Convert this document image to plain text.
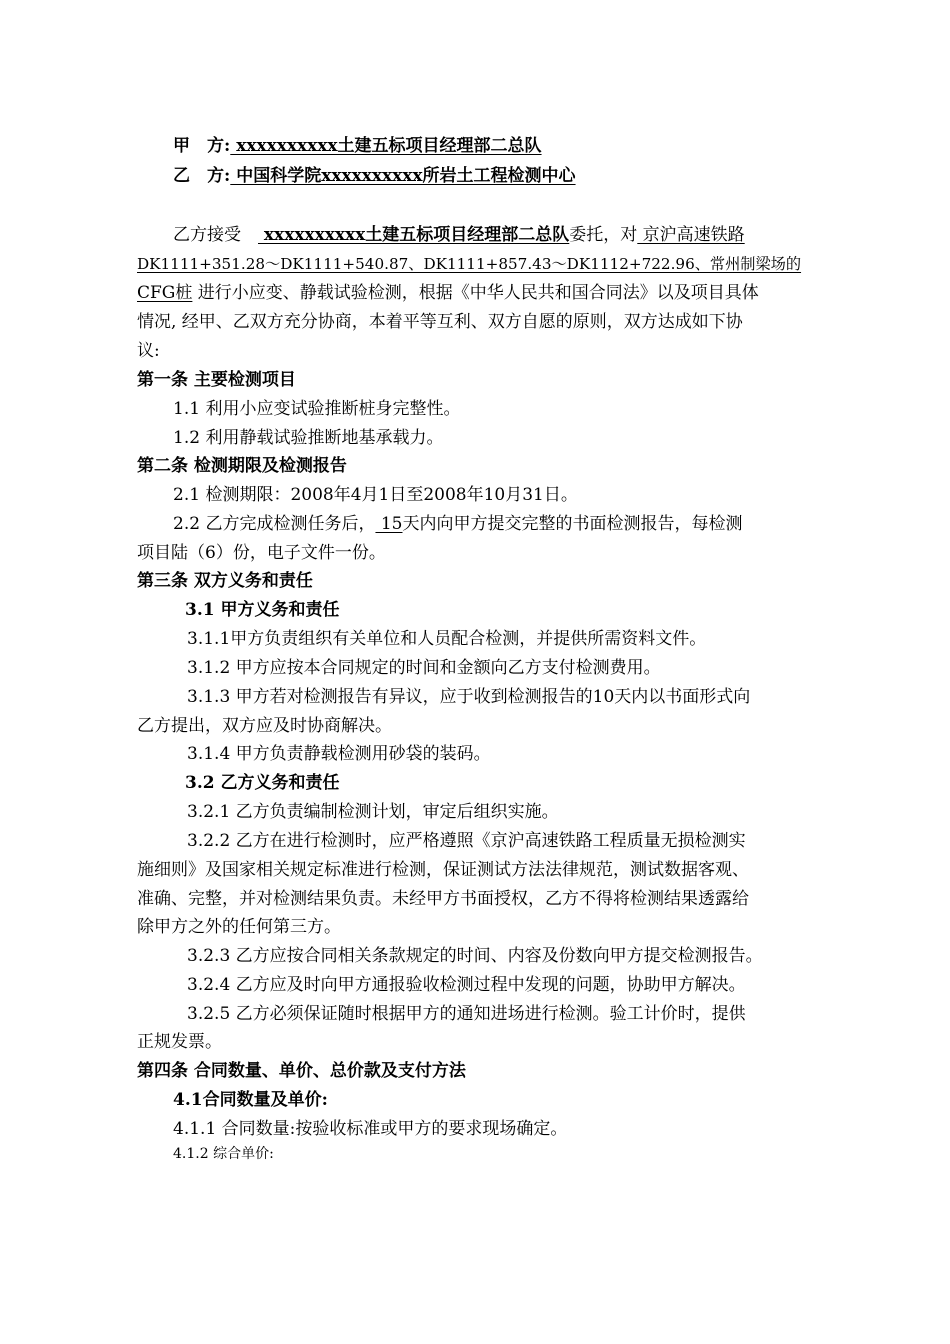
甲　方: xxxxxxxxxx土建五标项目经理部二总队
乙　方: 中国科学院xxxxxxxxxx所岩土工程检测中心
乙方接受　 xxxxxxxxxx土建五标项目经理部二总队委托，对 京沪高速铁路
DK1111+351.28～DK1111+540.87、DK1111+857.43～DK1112+722.96、常州制梁场的
CFG桩 进行小应变、静载试验检测，根据《中华人民共和国合同法》以及项目具体
情况, 经甲、乙双方充分协商，本着平等互利、双方自愿的原则，双方达成如下协
议:
第一条 主要检测项目
1.1 利用小应变试验推断桩身完整性。
1.2 利用静载试验推断地基承载力。
第二条 检测期限及检测报告
2.1 检测期限：2008年4月1日至2008年10月31日。
2.2 乙方完成检测任务后， 15天内向甲方提交完整的书面检测报告，每检测
项目陆（6）份，电子文件一份。
第三条 双方义务和责任
3.1 甲方义务和责任
3.1.1甲方负责组织有关单位和人员配合检测，并提供所需资料文件。
3.1.2 甲方应按本合同规定的时间和金额向乙方支付检测费用。
3.1.3 甲方若对检测报告有异议，应于收到检测报告的10天内以书面形式向
乙方提出，双方应及时协商解决。
3.1.4 甲方负责静载检测用砂袋的装码。
3.2 乙方义务和责任
3.2.1 乙方负责编制检测计划，审定后组织实施。
3.2.2 乙方在进行检测时，应严格遵照《京沪高速铁路工程质量无损检测实
施细则》及国家相关规定标准进行检测，保证测试方法法律规范，测试数据客观、
准确、完整，并对检测结果负责。未经甲方书面授权，乙方不得将检测结果透露给
除甲方之外的任何第三方。
3.2.3 乙方应按合同相关条款规定的时间、内容及份数向甲方提交检测报告。
3.2.4 乙方应及时向甲方通报验收检测过程中发现的问题，协助甲方解决。
3.2.5 乙方必须保证随时根据甲方的通知进场进行检测。验工计价时，提供
正规发票。
第四条 合同数量、单价、总价款及支付方法
4.1合同数量及单价:
4.1.1 合同数量:按验收标准或甲方的要求现场确定。
4.1.2 综合单价:
